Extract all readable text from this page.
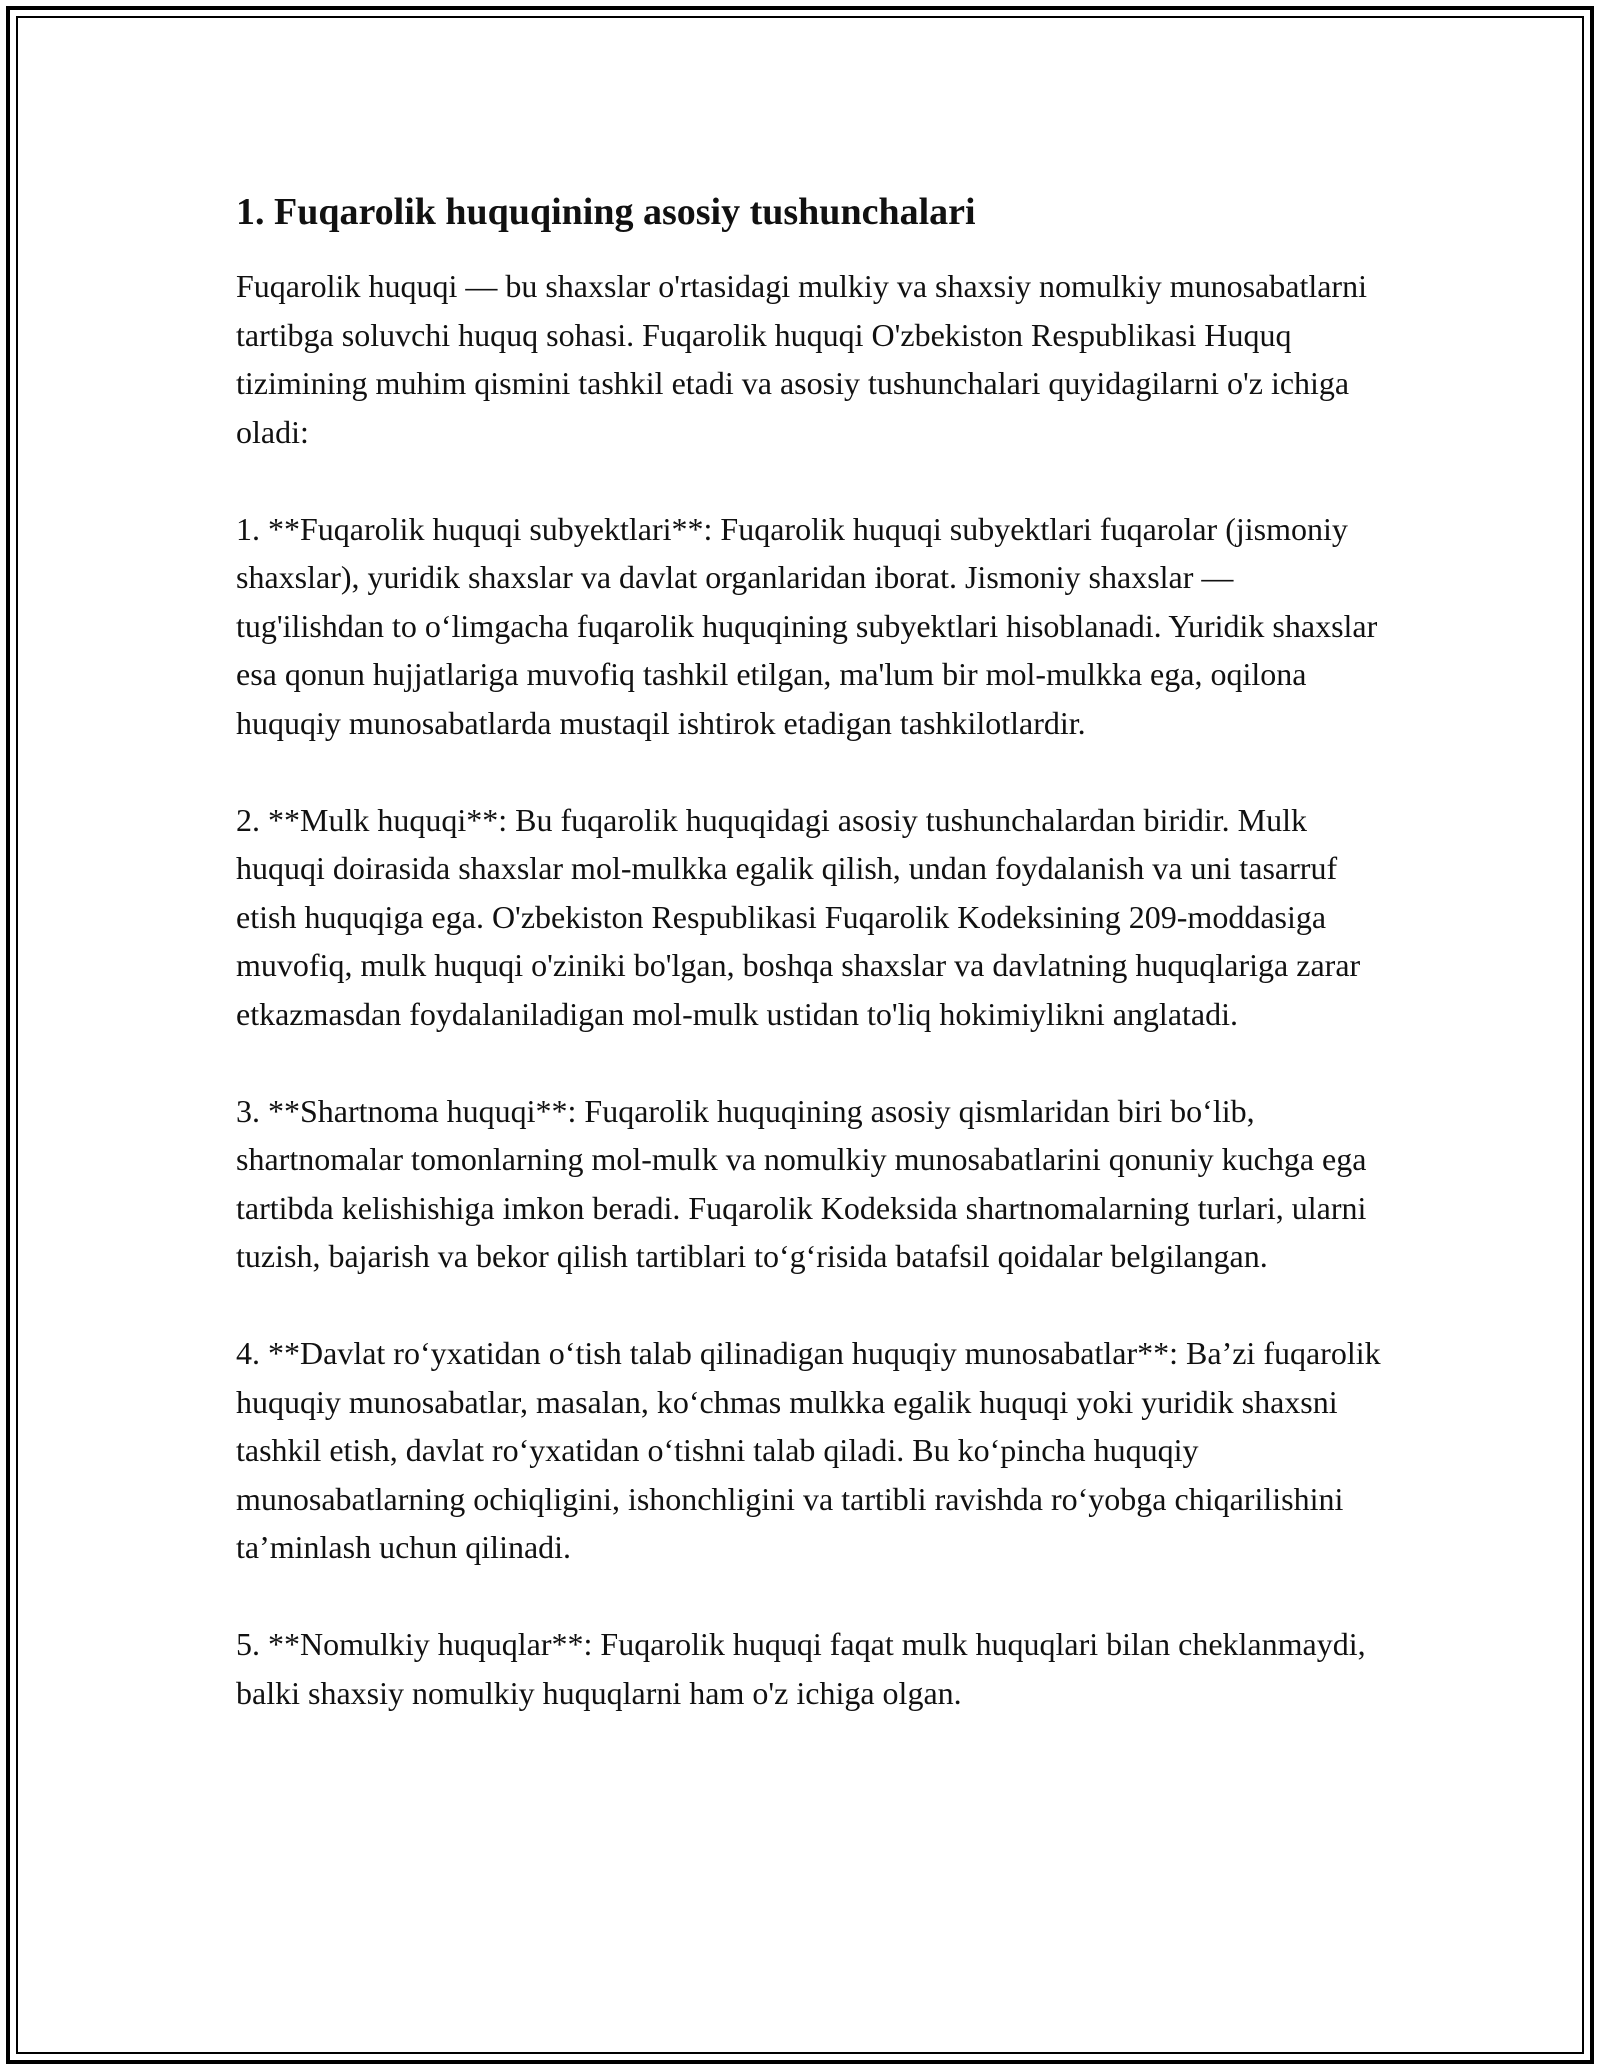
1. Fuqarolik huquqining asosiy tushunchalari

Fuqarolik huquqi — bu shaxslar o'rtasidagi mulkiy va shaxsiy nomulkiy munosabatlarni tartibga soluvchi huquq sohasi. Fuqarolik huquqi O'zbekiston Respublikasi Huquq tizimining muhim qismini tashkil etadi va asosiy tushunchalari quyidagilarni o'z ichiga oladi:

1. **Fuqarolik huquqi subyektlari**: Fuqarolik huquqi subyektlari fuqarolar (jismoniy shaxslar), yuridik shaxslar va davlat organlaridan iborat. Jismoniy shaxslar — tug'ilishdan to o‘limgacha fuqarolik huquqining subyektlari hisoblanadi. Yuridik shaxslar esa qonun hujjatlariga muvofiq tashkil etilgan, ma'lum bir mol-mulkka ega, oqilona huquqiy munosabatlarda mustaqil ishtirok etadigan tashkilotlardir.

2. **Mulk huquqi**: Bu fuqarolik huquqidagi asosiy tushunchalardan biridir. Mulk huquqi doirasida shaxslar mol-mulkka egalik qilish, undan foydalanish va uni tasarruf etish huquqiga ega. O'zbekiston Respublikasi Fuqarolik Kodeksining 209-moddasiga muvofiq, mulk huquqi o'ziniki bo'lgan, boshqa shaxslar va davlatning huquqlariga zarar etkazmasdan foydalaniladigan mol-mulk ustidan to'liq hokimiylikni anglatadi.

3. **Shartnoma huquqi**: Fuqarolik huquqining asosiy qismlaridan biri bo‘lib, shartnomalar tomonlarning mol-mulk va nomulkiy munosabatlarini qonuniy kuchga ega tartibda kelishishiga imkon beradi. Fuqarolik Kodeksida shartnomalarning turlari, ularni tuzish, bajarish va bekor qilish tartiblari to‘g‘risida batafsil qoidalar belgilangan.

4. **Davlat ro‘yxatidan o‘tish talab qilinadigan huquqiy munosabatlar**: Ba’zi fuqarolik huquqiy munosabatlar, masalan, ko‘chmas mulkka egalik huquqi yoki yuridik shaxsni tashkil etish, davlat ro‘yxatidan o‘tishni talab qiladi. Bu ko‘pincha huquqiy munosabatlarning ochiqligini, ishonchligini va tartibli ravishda ro‘yobga chiqarilishini ta’minlash uchun qilinadi.

5. **Nomulkiy huquqlar**: Fuqarolik huquqi faqat mulk huquqlari bilan cheklanmaydi, balki shaxsiy nomulkiy huquqlarni ham o'z ichiga olgan.
